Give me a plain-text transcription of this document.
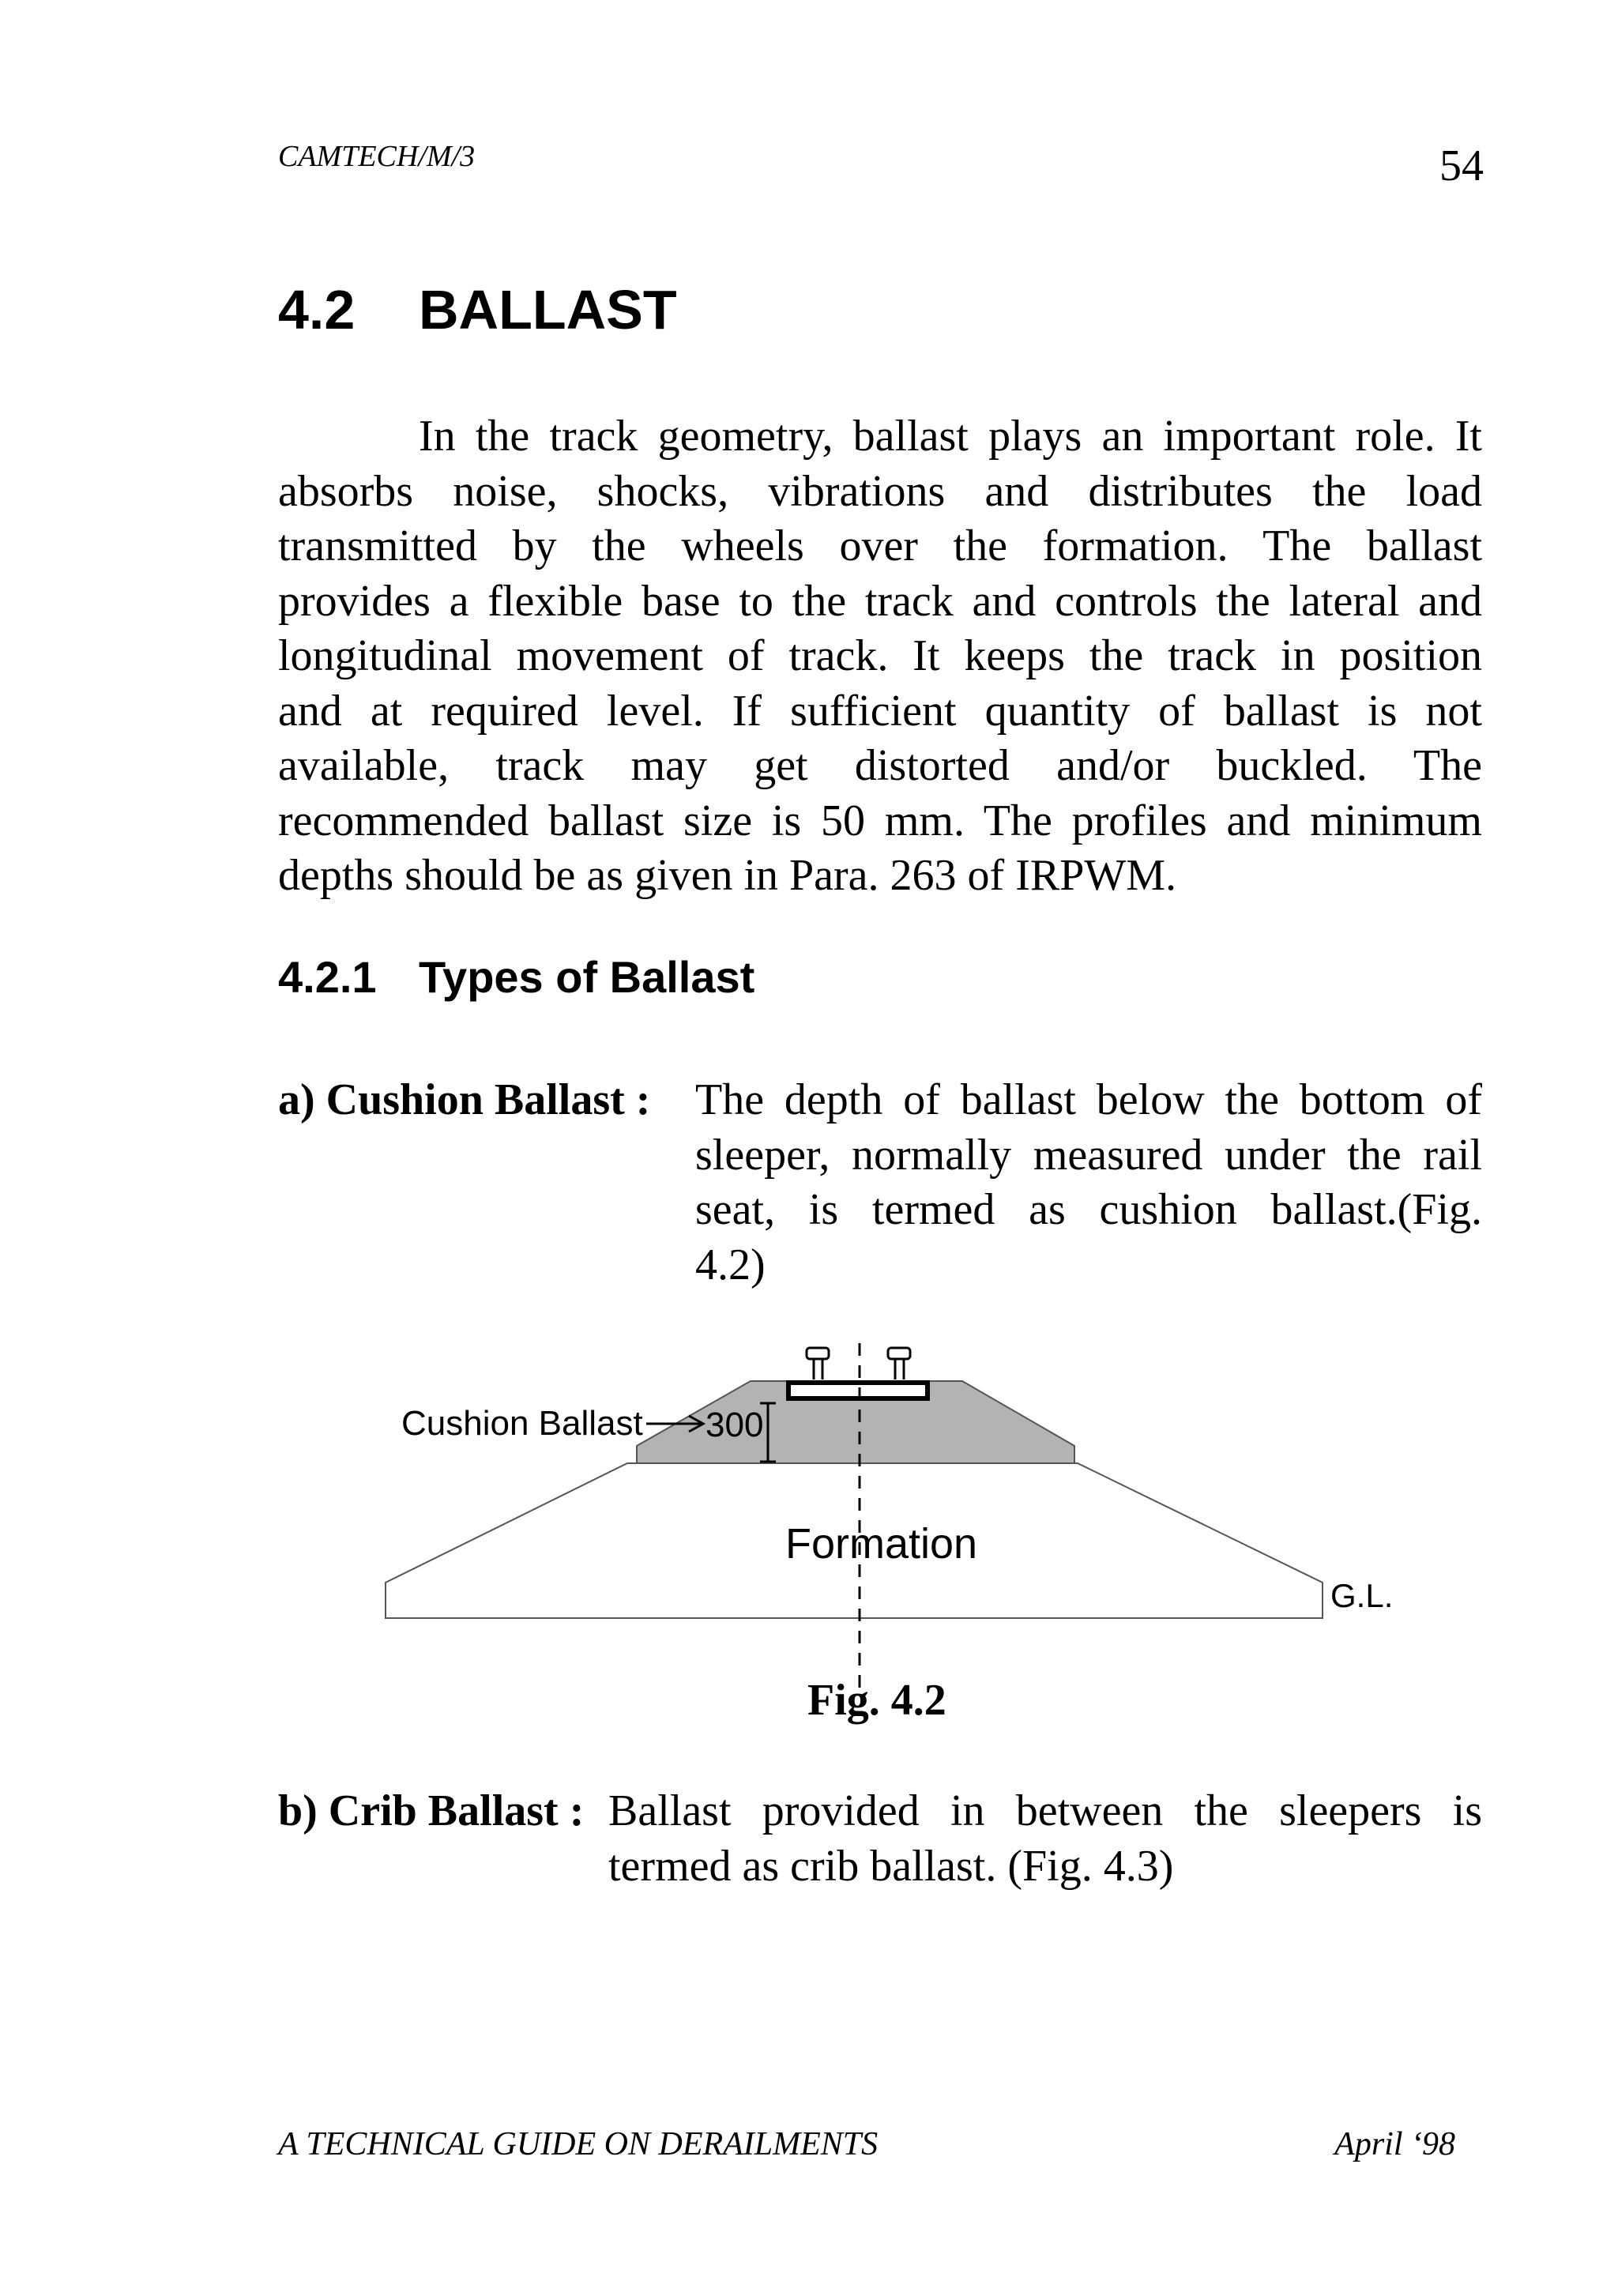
CAMTECH/M/3	54
4.2	BALLAST
In the track geometry, ballast plays an important role. It
absorbs noise, shocks, vibrations and distributes the load
transmitted by the wheels over the formation. The ballast
provides a flexible base to the track and controls the lateral and
longitudinal movement of track. It keeps the track in position
and at required level. If sufficient quantity of ballast is not
available, track may get distorted and/or buckled. The
recommended ballast size is 50 mm. The profiles and minimum
depths should be as given in Para. 263 of IRPWM.
4.2.1 Types of Ballast
a) Cushion Ballast : The depth of ballast below the bottom of
sleeper, normally measured under the rail
seat, is termed as cushion ballast.(Fig.
4.2)
Cushion Ballast 300
Formation
G.L.
Fig. 4.2
b) Crib Ballast : Ballast provided in between the sleepers is
termed as crib ballast. (Fig. 4.3)
A TECHNICAL GUIDE ON DERAILMENTS	April ‘98
